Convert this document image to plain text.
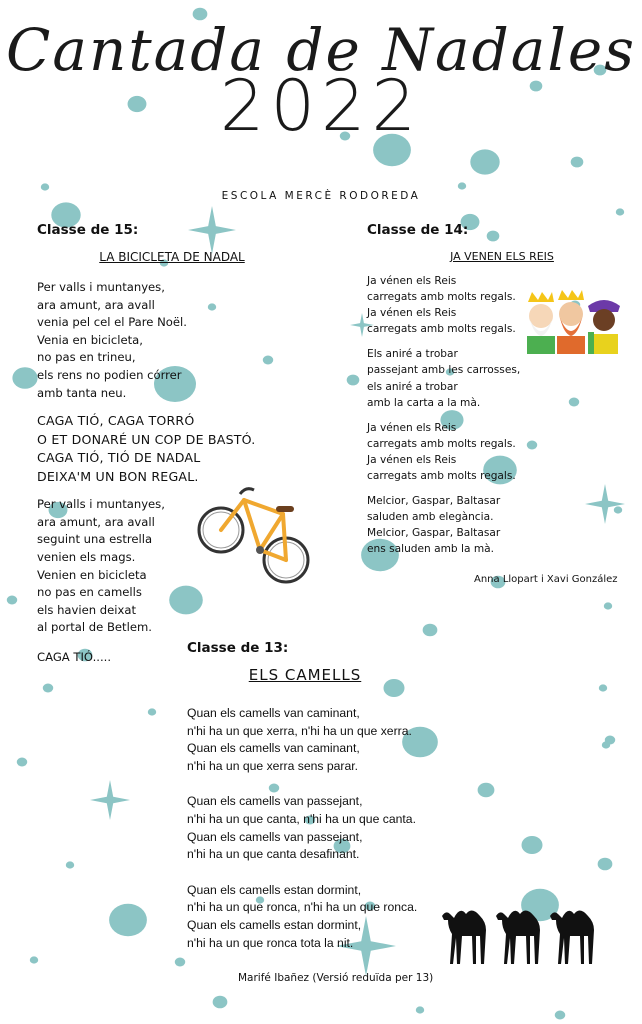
Cantada de Nadales
2022
ESCOLA MERCÈ RODOREDA
Classe de 15:
LA BICICLETA DE NADAL
Per valls i muntanyes,
ara amunt, ara avall
venia pel cel el Pare Noël.
Venia en bicicleta,
no pas en trineu,
els rens no podien córrer
amb tanta neu.
CAGA TIÓ, CAGA TORRÓ
O ET DONARÉ UN COP DE BASTÓ.
CAGA TIÓ, TIÓ DE NADAL
DEIXA'M UN BON REGAL.
Per valls i muntanyes,
ara amunt, ara avall
seguint una estrella
venien els mags.
Venien en bicicleta
no pas en camells
els havien deixat
al portal de Betlem.
CAGA TIÓ.....
Classe de 14:
JA VENEN ELS REIS
Ja vénen els Reis
carregats amb molts regals.
Ja vénen els Reis
carregats amb molts regals.
Els aniré a trobar
passejant amb les carrosses,
els aniré a trobar
amb la carta a la mà.
Ja vénen els Reis
carregats amb molts regals.
Ja vénen els Reis
carregats amb molts regals.
Melcior, Gaspar, Baltasar
saluden amb elegància.
Melcior, Gaspar, Baltasar
ens saluden amb la mà.
Anna Llopart i Xavi González
Classe de 13:
ELS CAMELLS
Quan els camells van caminant,
n'hi ha un que xerra, n'hi ha un que xerra.
Quan els camells van caminant,
n'hi ha un que xerra sens parar.
Quan els camells van passejant,
n'hi ha un que canta, n'hi ha un que canta.
Quan els camells van passejant,
n'hi ha un que canta desafinant.
Quan els camells estan dormint,
n'hi ha un que ronca, n'hi ha un que ronca.
Quan els camells estan dormint,
n'hi ha un que ronca tota la nit.
Marifé Ibañez (Versió reduïda per 13)
